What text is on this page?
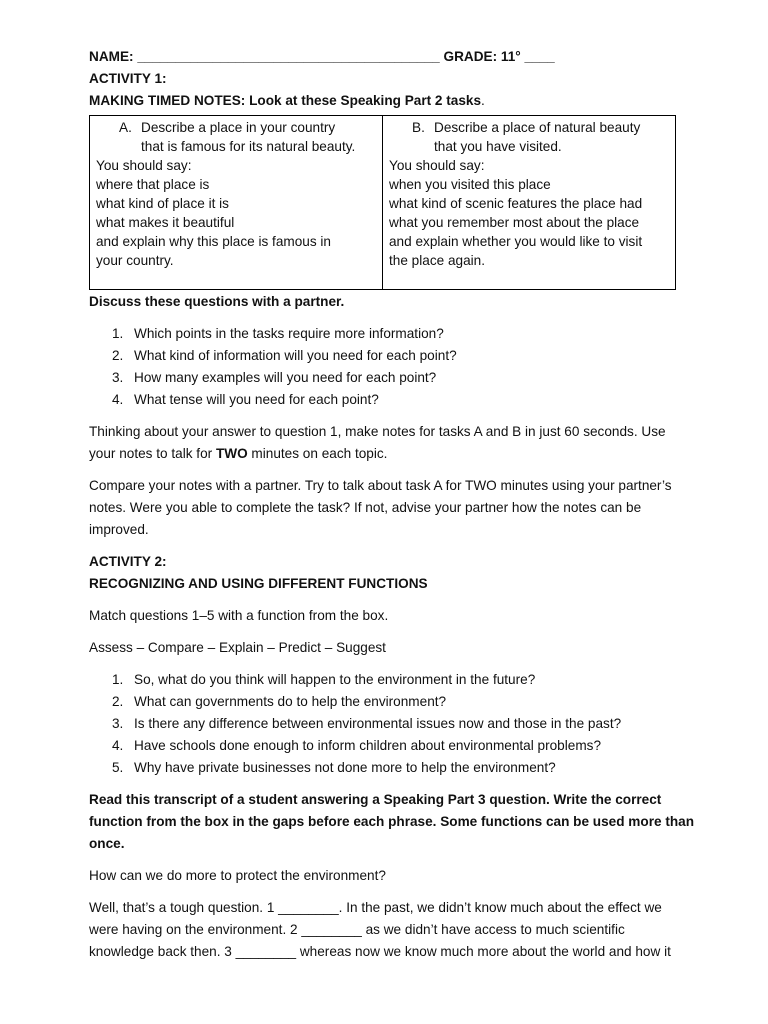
NAME: ________________________________________ GRADE: 11° ____

ACTIVITY 1:

MAKING TIMED NOTES: Look at these Speaking Part 2 tasks.

A. Describe a place in your country
that is famous for its natural beauty.
You should say:
where that place is
what kind of place it is
what makes it beautiful
and explain why this place is famous in
your country.

B. Describe a place of natural beauty
that you have visited.
You should say:
when you visited this place
what kind of scenic features the place had
what you remember most about the place
and explain whether you would like to visit
the place again.

Discuss these questions with a partner.

1. Which points in the tasks require more information?
2. What kind of information will you need for each point?
3. How many examples will you need for each point?
4. What tense will you need for each point?

Thinking about your answer to question 1, make notes for tasks A and B in just 60 seconds. Use

your notes to talk for TWO minutes on each topic.

Compare your notes with a partner. Try to talk about task A for TWO minutes using your partner’s

notes. Were you able to complete the task? If not, advise your partner how the notes can be

improved.

ACTIVITY 2:

RECOGNIZING AND USING DIFFERENT FUNCTIONS

Match questions 1–5 with a function from the box.

Assess – Compare – Explain – Predict – Suggest

1. So, what do you think will happen to the environment in the future?
2. What can governments do to help the environment?
3. Is there any difference between environmental issues now and those in the past?
4. Have schools done enough to inform children about environmental problems?
5. Why have private businesses not done more to help the environment?

Read this transcript of a student answering a Speaking Part 3 question. Write the correct

function from the box in the gaps before each phrase. Some functions can be used more than

once.

How can we do more to protect the environment?

Well, that’s a tough question. 1 ________. In the past, we didn’t know much about the effect we

were having on the environment. 2 ________ as we didn’t have access to much scientific

knowledge back then. 3 ________ whereas now we know much more about the world and how it
